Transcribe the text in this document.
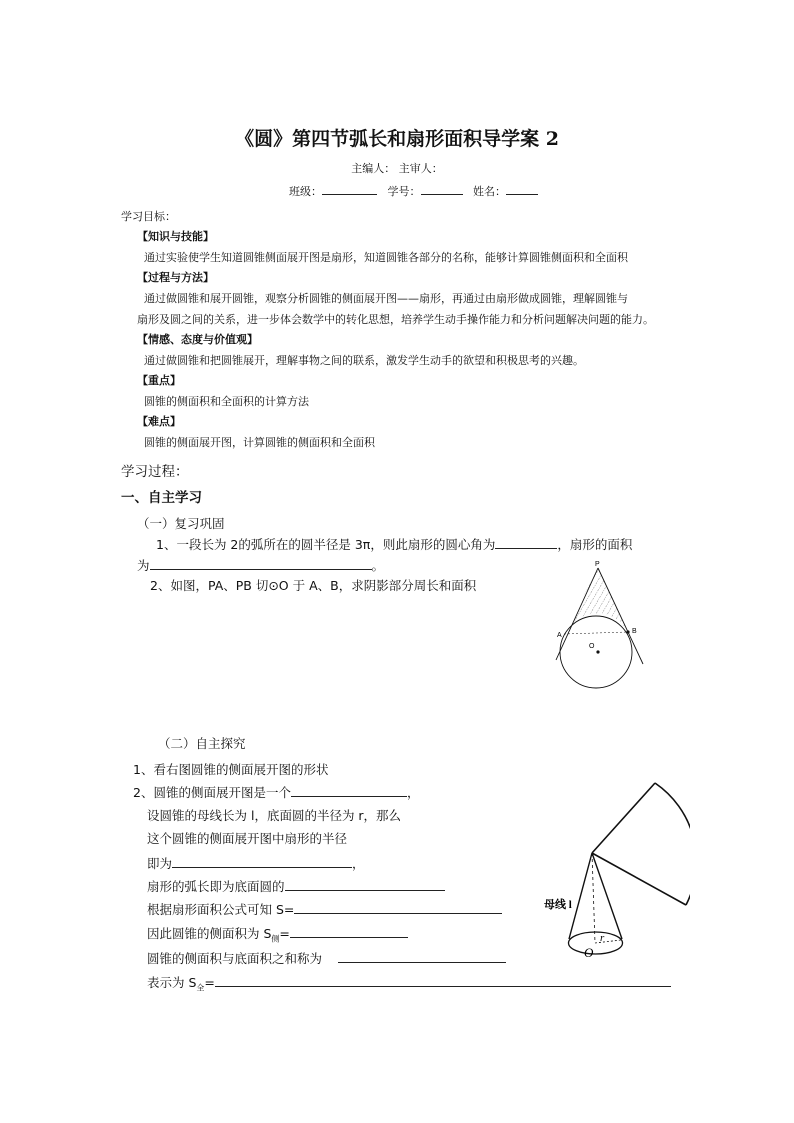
《圆》第四节弧长和扇形面积导学案 2
主编人： 主审人：
班级：	学号：	姓名：
学习目标：
【知识与技能】
通过实验使学生知道圆锥侧面展开图是扇形，知道圆锥各部分的名称，能够计算圆锥侧面积和全面积
【过程与方法】
通过做圆锥和展开圆锥，观察分析圆锥的侧面展开图——扇形，再通过由扇形做成圆锥，理解圆锥与
扇形及圆之间的关系，进一步体会数学中的转化思想，培养学生动手操作能力和分析问题解决问题的能力。
【情感、态度与价值观】
通过做圆锥和把圆锥展开，理解事物之间的联系，激发学生动手的欲望和积极思考的兴趣。
【重点】
圆锥的侧面积和全面积的计算方法
【难点】
圆锥的侧面展开图，计算圆锥的侧面积和全面积
学习过程：
一、自主学习
（一）复习巩固
1、一段长为 2的弧所在的圆半径是 3π，则此扇形的圆心角为	，扇形的面积
为	。
2、如图，PA、PB 切⊙O 于 A、B，求阴影部分周长和面积
P
A
B
O
（二）自主探究
1、看右图圆锥的侧面展开图的形状
2、圆锥的侧面展开图是一个	，
设圆锥的母线长为 l，底面圆的半径为 r，那么
这个圆锥的侧面展开图中扇形的半径
即为	，
扇形的弧长即为底面圆的
根据扇形面积公式可知 S=
因此圆锥的侧面积为 $S_侧=$
圆锥的侧面积与底面积之和称为
表示为 $S_全=$
母线 l
r
O
